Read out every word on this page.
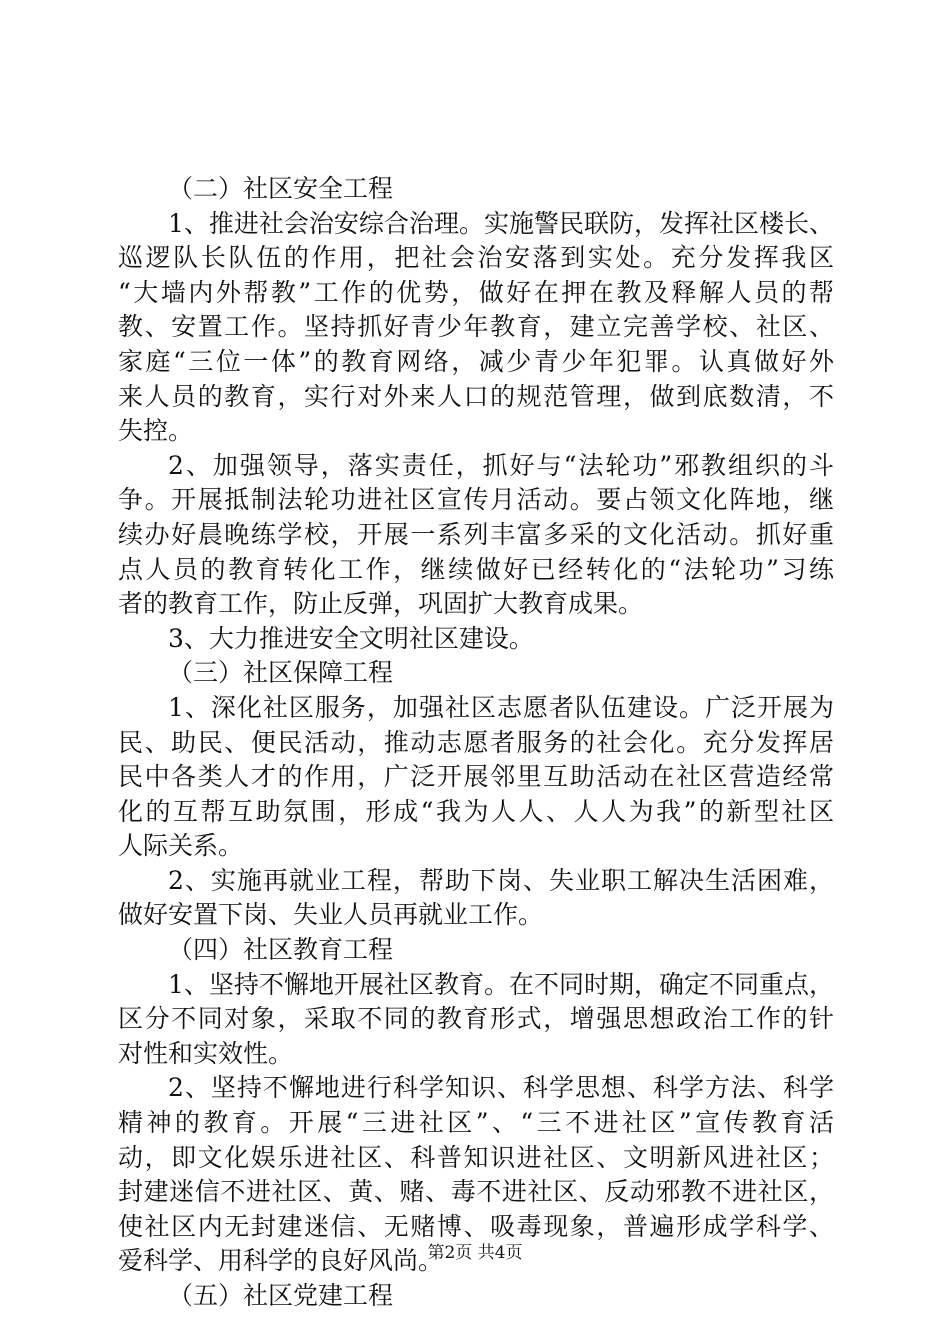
（二）社区安全工程
1、推进社会治安综合治理。实施警民联防，发挥社区楼长、
巡逻队长队伍的作用，把社会治安落到实处。充分发挥我区
“大墙内外帮教”工作的优势，做好在押在教及释解人员的帮
教、安置工作。坚持抓好青少年教育，建立完善学校、社区、
家庭“三位一体”的教育网络，减少青少年犯罪。认真做好外
来人员的教育，实行对外来人口的规范管理，做到底数清，不
失控。
2、加强领导，落实责任，抓好与“法轮功”邪教组织的斗
争。开展抵制法轮功进社区宣传月活动。要占领文化阵地，继
续办好晨晚练学校，开展一系列丰富多采的文化活动。抓好重
点人员的教育转化工作，继续做好已经转化的“法轮功”习练
者的教育工作，防止反弹，巩固扩大教育成果。
3、大力推进安全文明社区建设。
（三）社区保障工程
1、深化社区服务，加强社区志愿者队伍建设。广泛开展为
民、助民、便民活动，推动志愿者服务的社会化。充分发挥居
民中各类人才的作用，广泛开展邻里互助活动在社区营造经常
化的互帮互助氛围，形成“我为人人、人人为我”的新型社区
人际关系。
2、实施再就业工程，帮助下岗、失业职工解决生活困难，
做好安置下岗、失业人员再就业工作。
（四）社区教育工程
1、坚持不懈地开展社区教育。在不同时期，确定不同重点，
区分不同对象，采取不同的教育形式，增强思想政治工作的针
对性和实效性。
2、坚持不懈地进行科学知识、科学思想、科学方法、科学
精神的教育。开展“三进社区”、“三不进社区”宣传教育活
动，即文化娱乐进社区、科普知识进社区、文明新风进社区；
封建迷信不进社区、黄、赌、毒不进社区、反动邪教不进社区，
使社区内无封建迷信、无赌博、吸毒现象，普遍形成学科学、
爱科学、用科学的良好风尚。
（五）社区党建工程
第2页 共4页
